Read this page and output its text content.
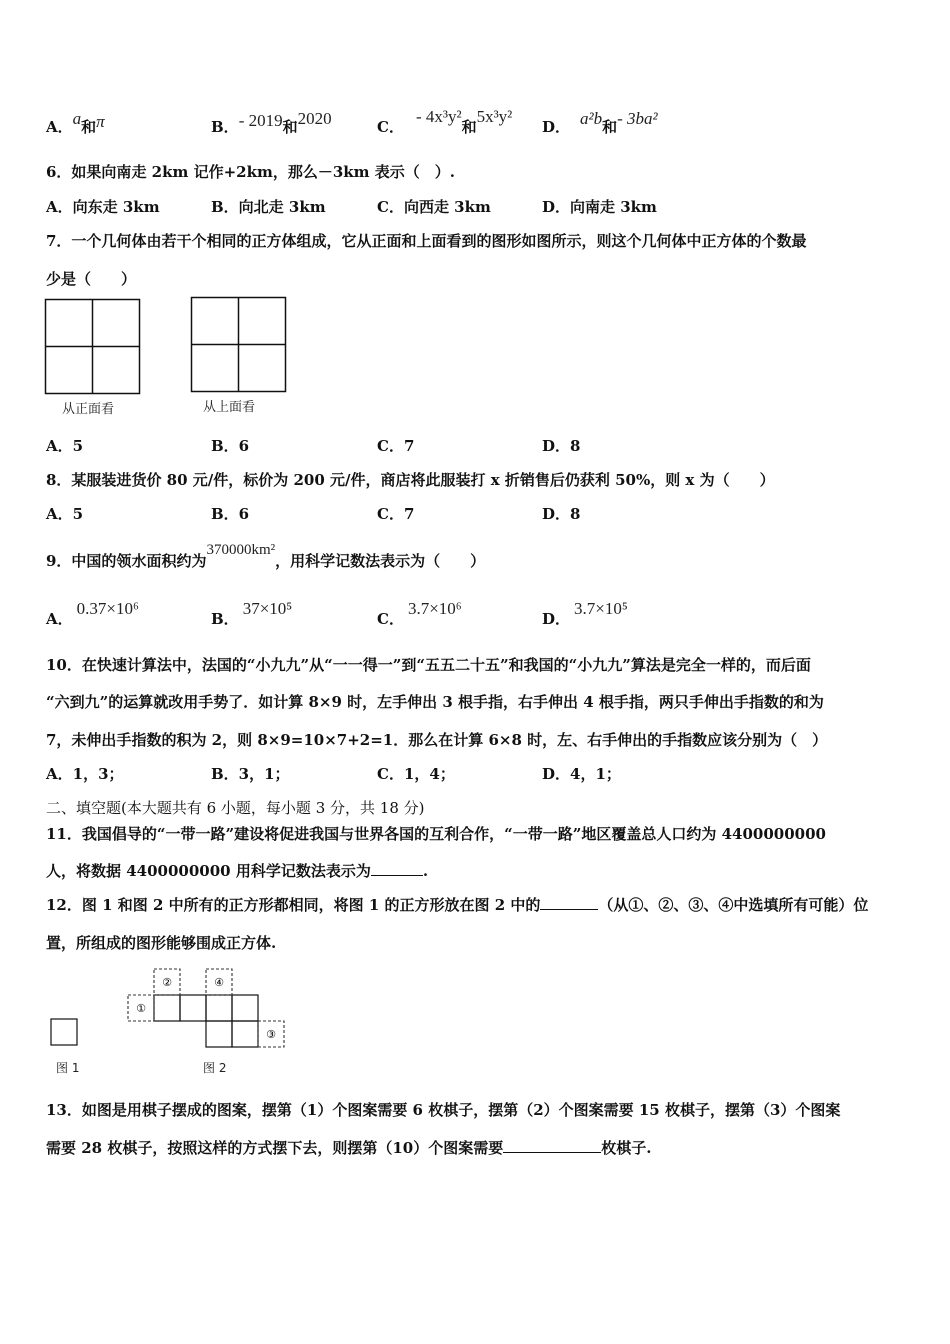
A．a和π	B．- 2019和2020	C．- 4x³y²和5x³y²
D． a²b和- 3ba²
6．如果向南走 2km 记作+2km，那么－3km 表示（　）.
A．向东走 3km	B．向北走 3km	C．向西走 3km	D．向南走 3km
7．一个几何体由若干个相同的正方体组成，它从正面和上面看到的图形如图所示，则这个几何体中正方体的个数最
少是（　　）
从正面看	从上面看
A．5	B．6	C．7	D．8
8．某服装进货价 80 元/件，标价为 200 元/件，商店将此服装打 x 折销售后仍获利 50%，则 x 为（　　）
A．5	B．6	C．7	D．8
9．中国的领水面积约为370000km²，用科学记数法表示为（　　）
A．0.37×10⁶
B．37×10⁵
C．3.7×10⁶
D．3.7×10⁵
10．在快速计算法中，法国的“小九九”从“一一得一”到“五五二十五”和我国的“小九九”算法是完全一样的，而后面
“六到九”的运算就改用手势了．如计算 8×9 时，左手伸出 3 根手指，右手伸出 4 根手指，两只手伸出手指数的和为
7，未伸出手指数的积为 2，则 8×9=10×7+2=1．那么在计算 6×8 时，左、右手伸出的手指数应该分别为（　）
A．1，3；	B．3，1；	C．1，4；	D．4，1；
二、填空题(本大题共有 6 小题，每小题 3 分，共 18 分)
11．我国倡导的“一带一路”建设将促进我国与世界各国的互利合作，“一带一路”地区覆盖总人口约为 4400000000
人，将数据 4400000000 用科学记数法表示为	.
12．图 1 和图 2 中所有的正方形都相同，将图 1 的正方形放在图 2 中的	（从①、②、③、④中选填所有可能）位
置，所组成的图形能够围成正方体.
图 1
①
②
③
④
图 2
13．如图是用棋子摆成的图案，摆第（1）个图案需要 6 枚棋子，摆第（2）个图案需要 15 枚棋子，摆第（3）个图案
需要 28 枚棋子，按照这样的方式摆下去，则摆第（10）个图案需要	枚棋子.
